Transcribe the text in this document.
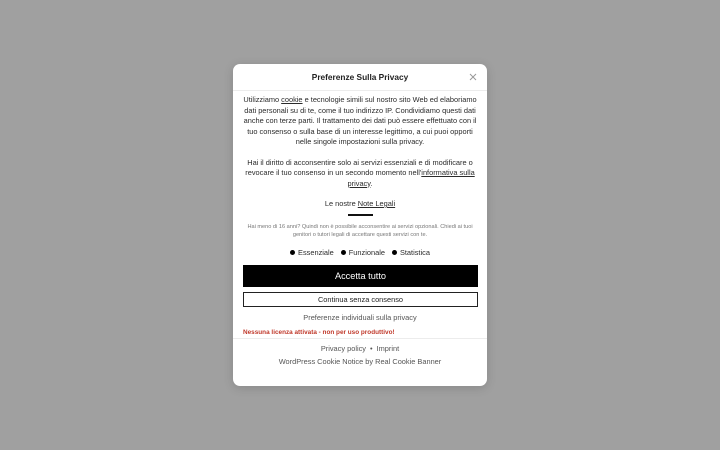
Preferenze Sulla Privacy

Utilizziamo cookie e tecnologie simili sul nostro sito Web ed elaboriamo dati personali su di te, come il tuo indirizzo IP. Condividiamo questi dati anche con terze parti. Il trattamento dei dati può essere effettuato con il tuo consenso o sulla base di un interesse legittimo, a cui puoi opporti nelle singole impostazioni sulla privacy.

Hai il diritto di acconsentire solo ai servizi essenziali e di modificare o revocare il tuo consenso in un secondo momento nell'informativa sulla privacy.

Le nostre Note Legali

Hai meno di 16 anni? Quindi non è possibile acconsentire ai servizi opzionali. Chiedi ai tuoi genitori o tutori legali di accettare questi servizi con te.

Essenziale Funzionale Statistica
Accetta tutto
Continua senza consenso
Preferenze individuali sulla privacy

Nessuna licenza attivata - non per uso produttivo!

Privacy policy • Imprint
WordPress Cookie Notice by Real Cookie Banner
